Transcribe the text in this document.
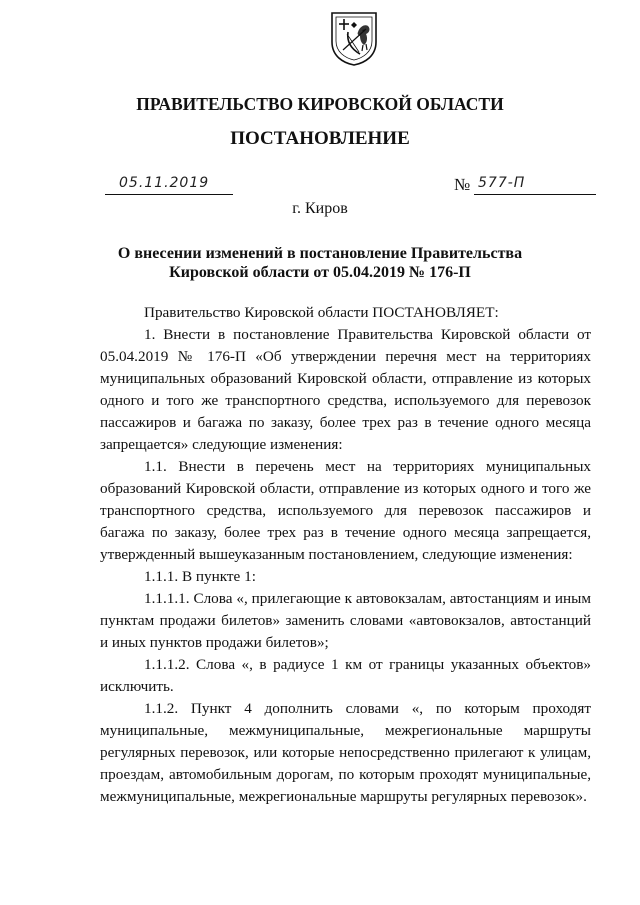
ПРАВИТЕЛЬСТВО КИРОВСКОЙ ОБЛАСТИ
ПОСТАНОВЛЕНИЕ
05.11.2019	№ 577-П
г. Киров
О внесении изменений в постановление Правительства
Кировской области от 05.04.2019 № 176-П

Правительство Кировской области ПОСТАНОВЛЯЕТ:

1. Внести в постановление Правительства Кировской области от 05.04.2019 № 176-П «Об утверждении перечня мест на территориях муниципальных образований Кировской области, отправление из которых одного и того же транспортного средства, используемого для перевозок пассажиров и багажа по заказу, более трех раз в течение одного месяца запрещается» следующие изменения:

1.1. Внести в перечень мест на территориях муниципальных образований Кировской области, отправление из которых одного и того же транспортного средства, используемого для перевозок пассажиров и багажа по заказу, более трех раз в течение одного месяца запрещается, утвержденный вышеуказанным постановлением, следующие изменения:

1.1.1. В пункте 1:

1.1.1.1. Слова «, прилегающие к автовокзалам, автостанциям и иным пунктам продажи билетов» заменить словами «автовокзалов, автостанций и иных пунктов продажи билетов»;

1.1.1.2. Слова «, в радиусе 1 км от границы указанных объектов» исключить.

1.1.2. Пункт 4 дополнить словами «, по которым проходят муниципальные, межмуниципальные, межрегиональные маршруты регулярных перевозок, или которые непосредственно прилегают к улицам, проездам, автомобильным дорогам, по которым проходят муниципальные, межмуниципальные, межрегиональные маршруты регулярных перевозок».
